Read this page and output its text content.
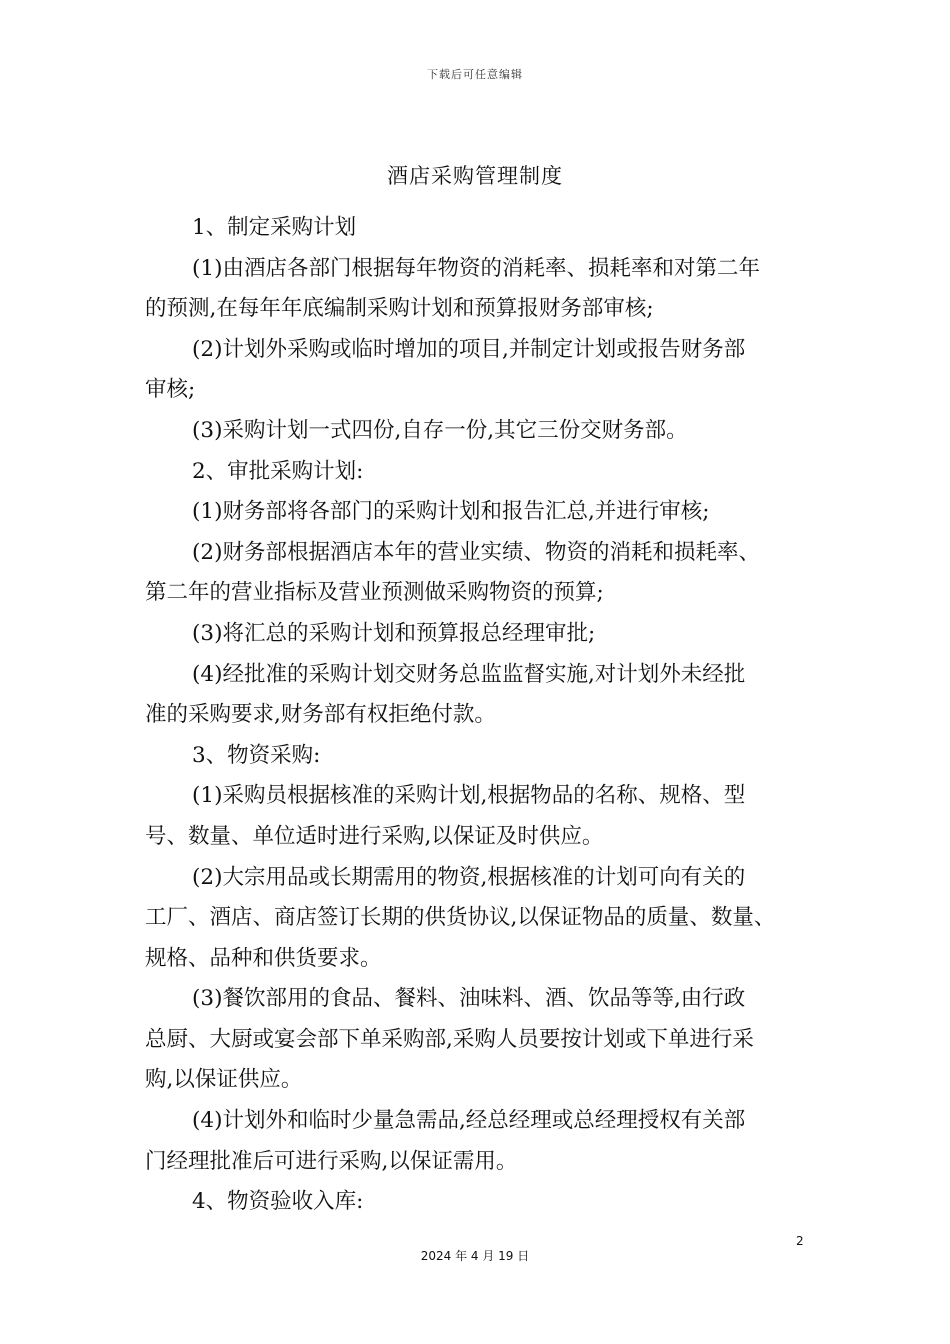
下载后可任意编辑
酒店采购管理制度

1、制定采购计划

(1)由酒店各部门根据每年物资的消耗率、损耗率和对第二年
的预测,在每年年底编制采购计划和预算报财务部审核;

(2)计划外采购或临时增加的项目,并制定计划或报告财务部
审核;

(3)采购计划一式四份,自存一份,其它三份交财务部。

2、审批采购计划:

(1)财务部将各部门的采购计划和报告汇总,并进行审核;

(2)财务部根据酒店本年的营业实绩、物资的消耗和损耗率、
第二年的营业指标及营业预测做采购物资的预算;

(3)将汇总的采购计划和预算报总经理审批;

(4)经批准的采购计划交财务总监监督实施,对计划外未经批
准的采购要求,财务部有权拒绝付款。

3、物资采购:

(1)采购员根据核准的采购计划,根据物品的名称、规格、型
号、数量、单位适时进行采购,以保证及时供应。

(2)大宗用品或长期需用的物资,根据核准的计划可向有关的
工厂、酒店、商店签订长期的供货协议,以保证物品的质量、数量、
规格、品种和供货要求。

(3)餐饮部用的食品、餐料、油味料、酒、饮品等等,由行政
总厨、大厨或宴会部下单采购部,采购人员要按计划或下单进行采
购,以保证供应。

(4)计划外和临时少量急需品,经总经理或总经理授权有关部
门经理批准后可进行采购,以保证需用。

4、物资验收入库:

2
2024 年 4 月 19 日
